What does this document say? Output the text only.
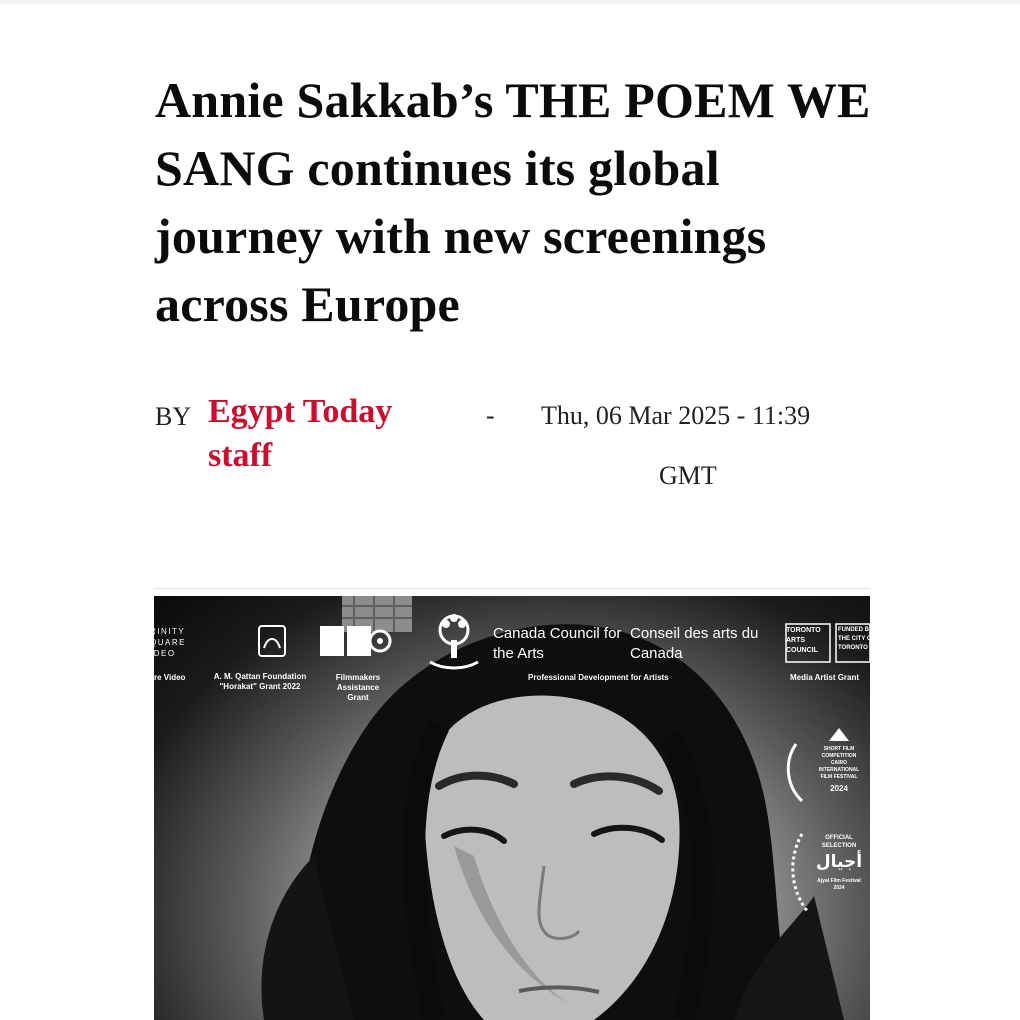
Annie Sakkab’s THE POEM WE SANG continues its global journey with new screenings across Europe
BY Egypt Today staff
- Thu, 06 Mar 2025 - 11:39
GMT
RINITY
QUARE
IDEO
re Video	A. M. Qattan Foundation "Horakat" Grant 2022
Filmmakers Assistance Grant
Canada Council for the Arts
Conseil des arts du Canada
Professional Development for Artists
TORONTO ARTS COUNCIL
FUNDED BY THE CITY OF TORONTO
Media Artist Grant
SHORT FILM COMPETITION CAIRO INTERNATIONAL FILM FESTIVAL
2024
OFFICIAL SELECTION
أجيال
Ajyal Film Festival 2024
